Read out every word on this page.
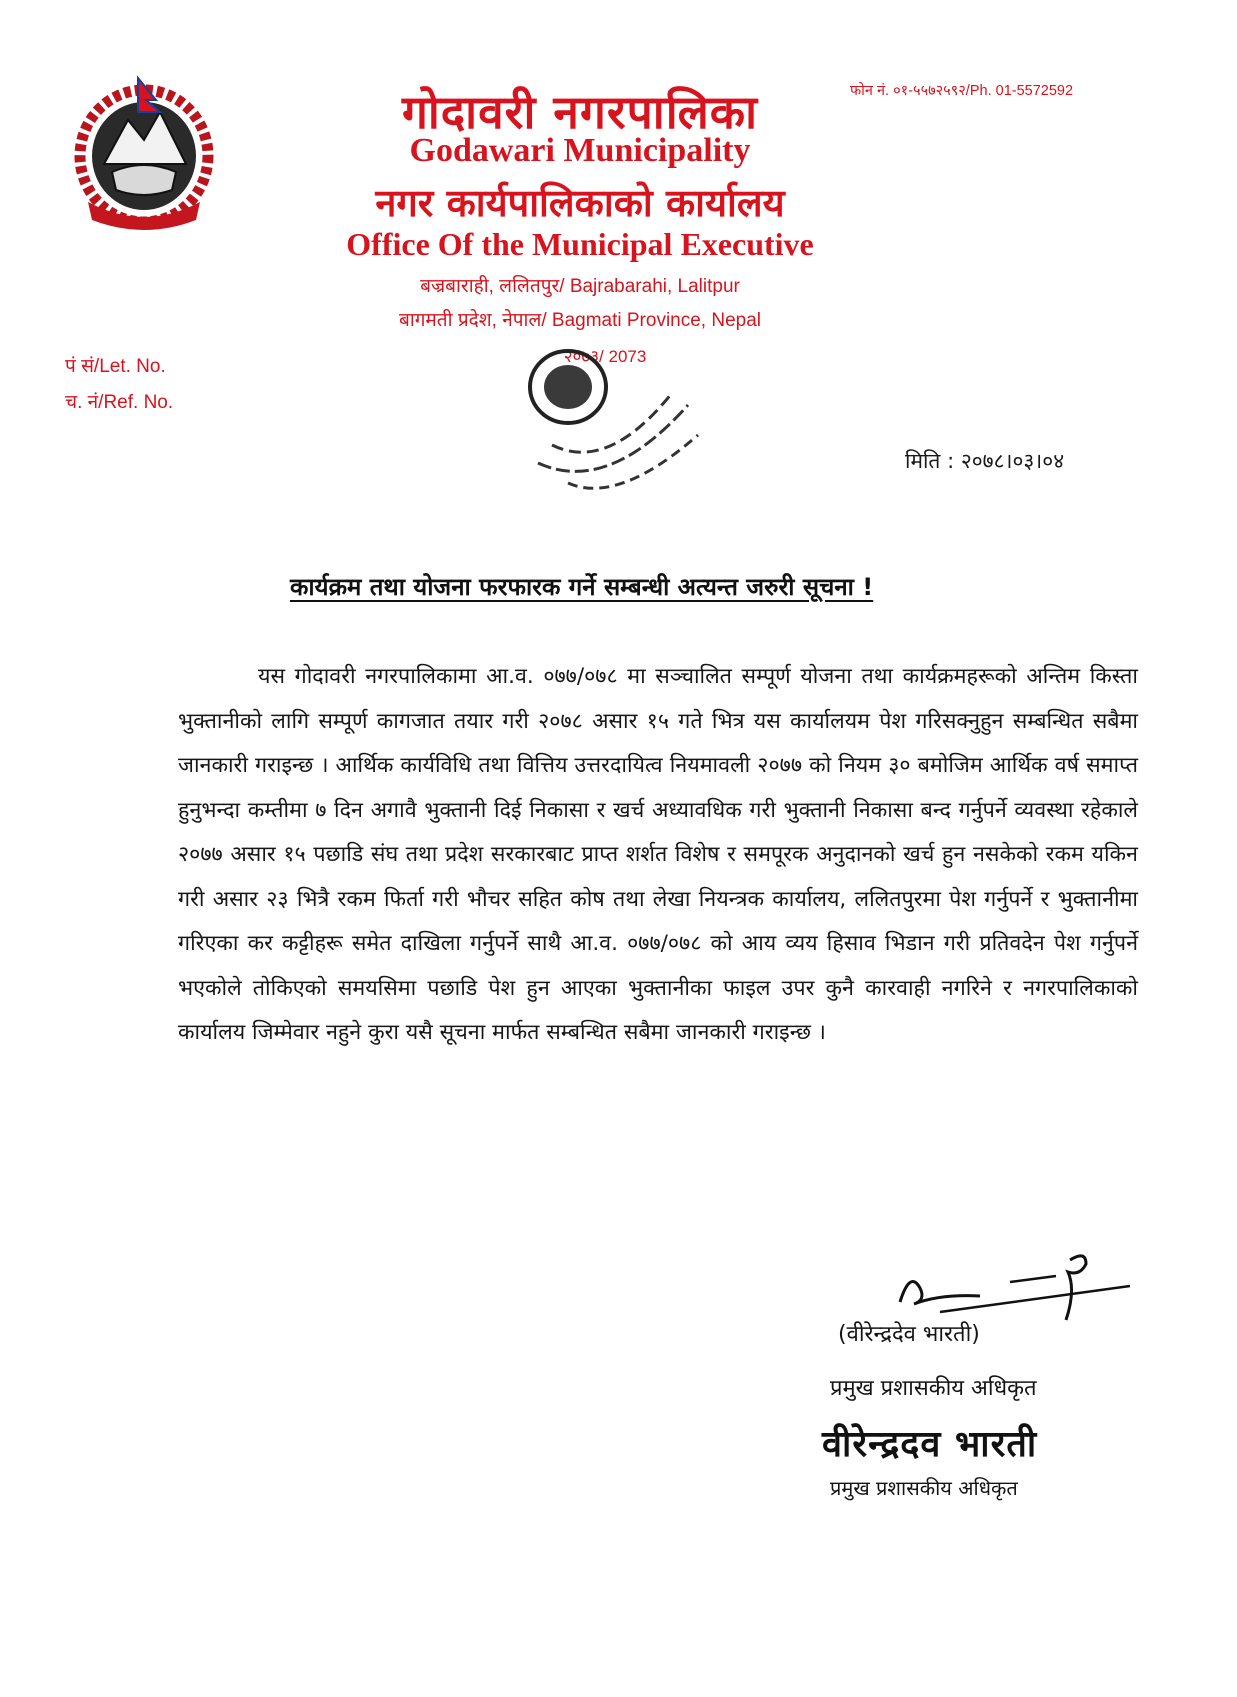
फोन नं. ०१-५५७२५९२/Ph. 01-5572592
गोदावरी नगरपालिका
Godawari Municipality
नगर कार्यपालिकाको कार्यालय
Office Of the Municipal Executive
बज्रबाराही, ललितपुर/ Bajrabarahi, Lalitpur
बागमती प्रदेश, नेपाल/ Bagmati Province, Nepal
२०७३/ 2073
पं सं/Let. No.
च. नं/Ref. No.
मिति : २०७८।०३।०४
कार्यक्रम तथा योजना फरफारक गर्ने सम्बन्धी अत्यन्त जरुरी सूचना !

यस गोदावरी नगरपालिकामा आ.व. ०७७/०७८ मा सञ्चालित सम्पूर्ण योजना तथा कार्यक्रमहरूको अन्तिम किस्ता भुक्तानीको लागि सम्पूर्ण कागजात तयार गरी २०७८ असार १५ गते भित्र यस कार्यालयम पेश गरिसक्नुहुन सम्बन्धित सबैमा जानकारी गराइन्छ । आर्थिक कार्यविधि तथा वित्तिय उत्तरदायित्व नियमावली २०७७ को नियम ३० बमोजिम आर्थिक वर्ष समाप्त हुनुभन्दा कम्तीमा ७ दिन अगावै भुक्तानी दिई निकासा र खर्च अध्यावधिक गरी भुक्तानी निकासा बन्द गर्नुपर्ने व्यवस्था रहेकाले २०७७ असार १५ पछाडि संघ तथा प्रदेश सरकारबाट प्राप्त शर्शत विशेष र समपूरक अनुदानको खर्च हुन नसकेको रकम यकिन गरी असार २३ भित्रै रकम फिर्ता गरी भौचर सहित कोष तथा लेखा नियन्त्रक कार्यालय, ललितपुरमा पेश गर्नुपर्ने र भुक्तानीमा गरिएका कर कट्टीहरू समेत दाखिला गर्नुपर्ने साथै आ.व. ०७७/०७८ को आय व्यय हिसाव भिडान गरी प्रतिवदेन पेश गर्नुपर्ने भएकोले तोकिएको समयसिमा पछाडि पेश हुन आएका भुक्तानीका फाइल उपर कुनै कारवाही नगरिने र नगरपालिकाको कार्यालय जिम्मेवार नहुने कुरा यसै सूचना मार्फत सम्बन्धित सबैमा जानकारी गराइन्छ ।

(वीरेन्द्रदेव भारती)
प्रमुख प्रशासकीय अधिकृत
वीरेन्द्रदव भारती
प्रमुख प्रशासकीय अधिकृत
